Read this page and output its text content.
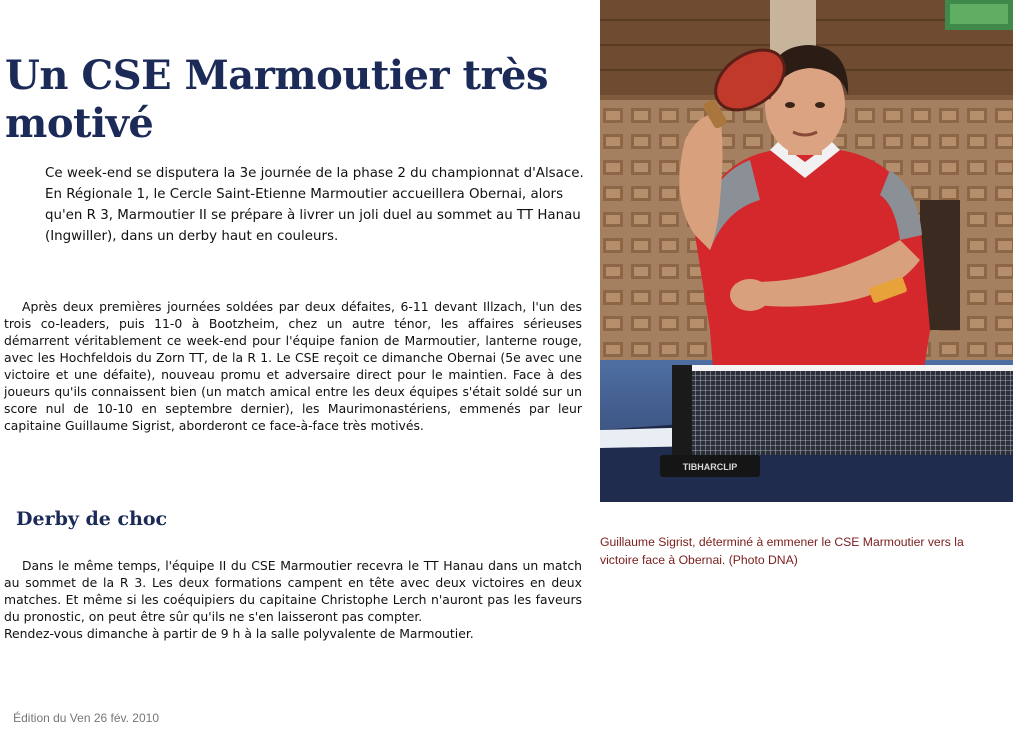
Un CSE Marmoutier très motivé

Ce week-end se disputera la 3e journée de la phase 2 du championnat d'Alsace. En Régionale 1, le Cercle Saint-Etienne Marmoutier accueillera Obernai, alors qu'en R 3, Marmoutier II se prépare à livrer un joli duel au sommet au TT Hanau (Ingwiller), dans un derby haut en couleurs.

Après deux premières journées soldées par deux défaites, 6-11 devant Illzach, l'un des trois co-leaders, puis 11-0 à Bootzheim, chez un autre ténor, les affaires sérieuses démarrent véritablement ce week-end pour l'équipe fanion de Marmoutier, lanterne rouge, avec les Hochfeldois du Zorn TT, de la R 1. Le CSE reçoit ce dimanche Obernai (5e avec une victoire et une défaite), nouveau promu et adversaire direct pour le maintien. Face à des joueurs qu'ils connaissent bien (un match amical entre les deux équipes s'était soldé sur un score nul de 10-10 en septembre dernier), les Maurimonastériens, emmenés par leur capitaine Guillaume Sigrist, aborderont ce face-à-face très motivés.

Derby de choc
Dans le même temps, l'équipe II du CSE Marmoutier recevra le TT Hanau dans un match au sommet de la R 3. Les deux formations campent en tête avec deux victoires en deux matches. Et même si les coéquipiers du capitaine Christophe Lerch n'auront pas les faveurs du pronostic, on peut être sûr qu'ils ne s'en laisseront pas compter.
Rendez-vous dimanche à partir de 9 h à la salle polyvalente de Marmoutier.
Édition du Ven 26 fév. 2010
TIBHARCLIP

Guillaume Sigrist, déterminé à emmener le CSE Marmoutier vers la victoire face à Obernai. (Photo DNA)
